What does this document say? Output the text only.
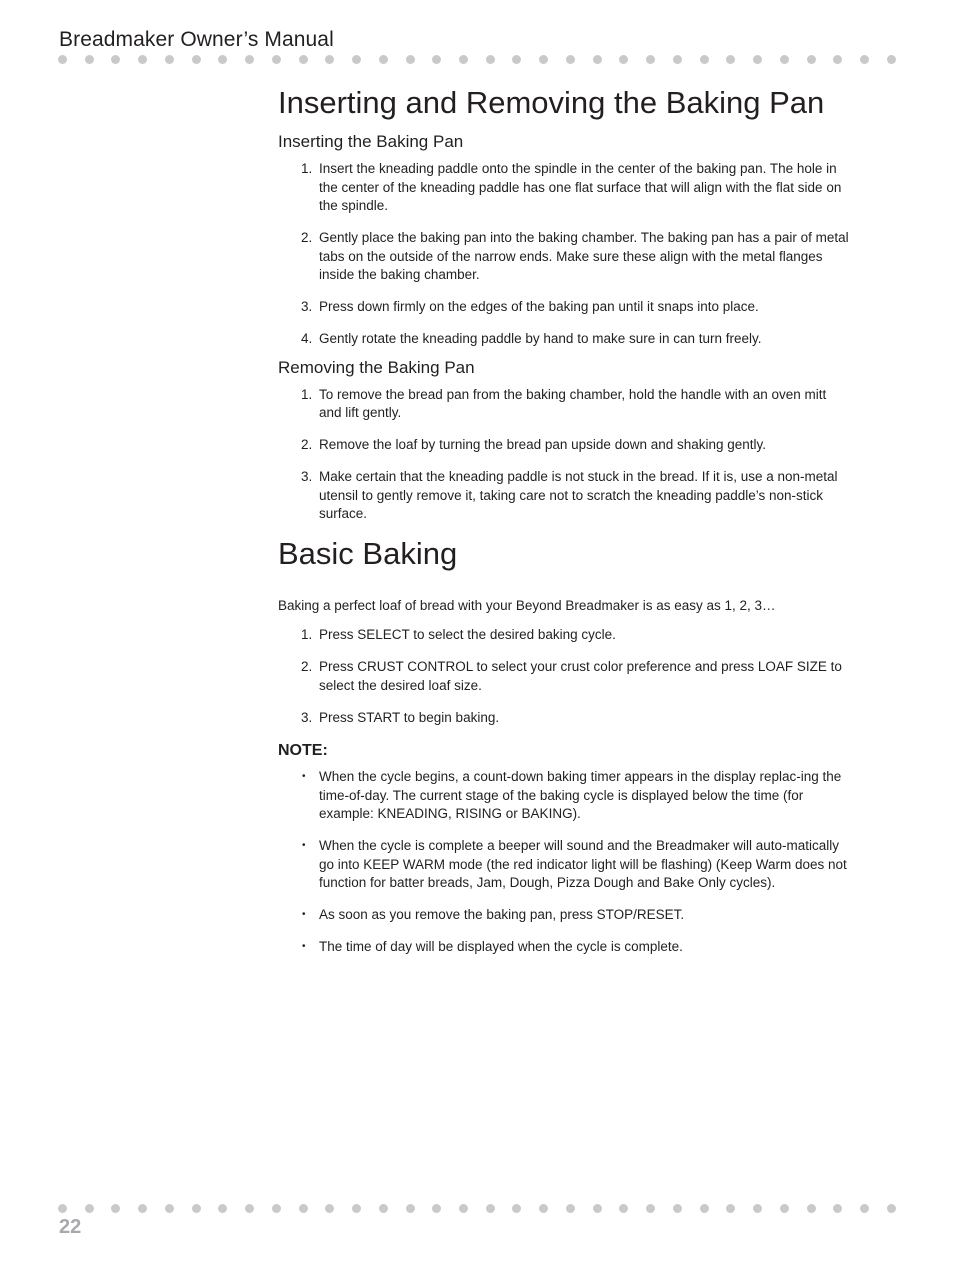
Breadmaker Owner’s Manual
Inserting and Removing the Baking Pan
Inserting the Baking Pan
1. Insert the kneading paddle onto the spindle in the center of the baking pan. The hole in the center of the kneading paddle has one flat surface that will align with the flat side on the spindle.
2. Gently place the baking pan into the baking chamber. The baking pan has a pair of metal tabs on the outside of the narrow ends. Make sure these align with the metal flanges inside the baking chamber.
3. Press down firmly on the edges of the baking pan until it snaps into place.
4. Gently rotate the kneading paddle by hand to make sure in can turn freely.
Removing the Baking Pan
1. To remove the bread pan from the baking chamber, hold the handle with an oven mitt and lift gently.
2. Remove the loaf by turning the bread pan upside down and shaking gently.
3. Make certain that the kneading paddle is not stuck in the bread. If it is, use a non-metal utensil to gently remove it, taking care not to scratch the kneading paddle’s non-stick surface.
Basic Baking

Baking a perfect loaf of bread with your Beyond Breadmaker is as easy as 1, 2, 3…

1. Press SELECT to select the desired baking cycle.
2. Press CRUST CONTROL to select your crust color preference and press LOAF SIZE to select the desired loaf size.
3. Press START to begin baking.
NOTE:
• When the cycle begins, a count-down baking timer appears in the display replac-ing the time-of-day. The current stage of the baking cycle is displayed below the time (for example: KNEADING, RISING or BAKING).
• When the cycle is complete a beeper will sound and the Breadmaker will auto-matically go into KEEP WARM mode (the red indicator light will be flashing) (Keep Warm does not function for batter breads, Jam, Dough, Pizza Dough and Bake Only cycles).
• As soon as you remove the baking pan, press STOP/RESET.
• The time of day will be displayed when the cycle is complete.
22
